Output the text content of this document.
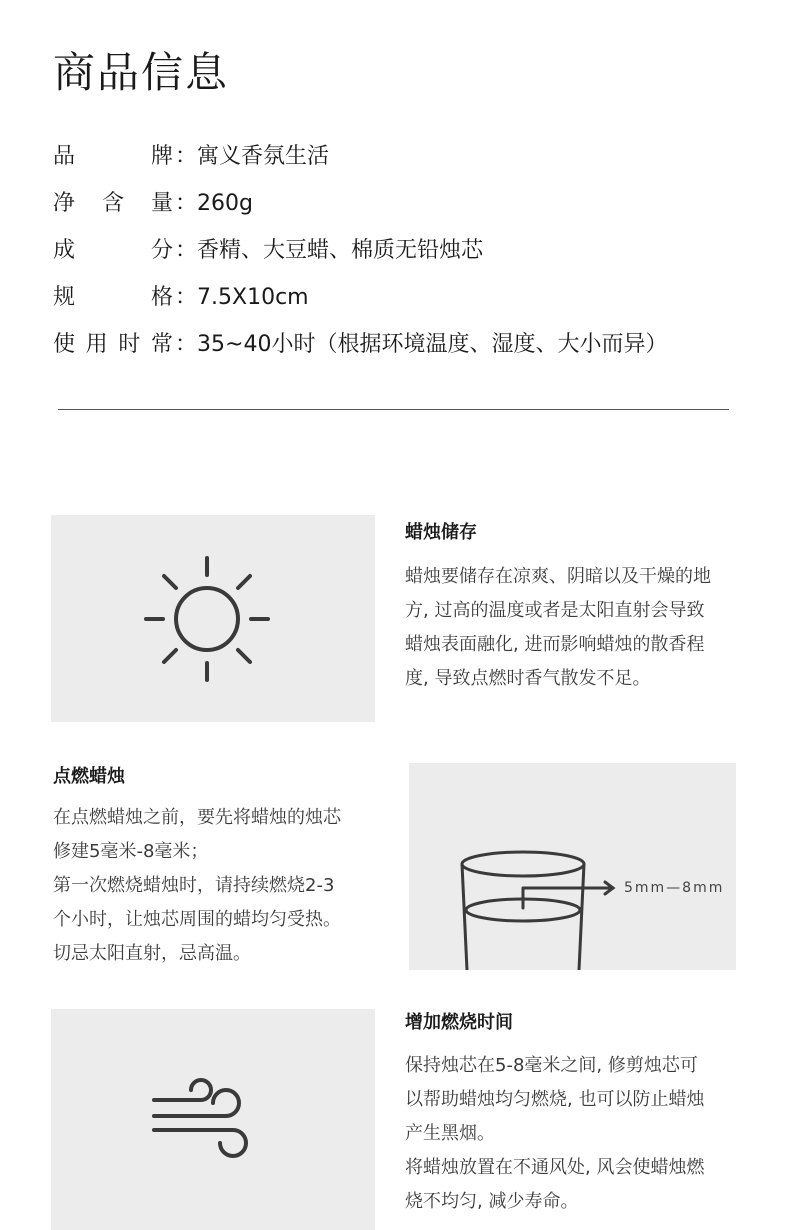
商品信息
品牌：寓义香氛生活
净含量：260g
成分：香精、大豆蜡、棉质无铅烛芯
规格：7.5X10cm
使用时常：35~40小时（根据环境温度、湿度、大小而异）
蜡烛储存

蜡烛要储存在凉爽、阴暗以及干燥的地

方, 过高的温度或者是太阳直射会导致

蜡烛表面融化, 进而影响蜡烛的散香程

度, 导致点燃时香气散发不足。

点燃蜡烛

在点燃蜡烛之前，要先将蜡烛的烛芯

修建5毫米-8毫米；

第一次燃烧蜡烛时，请持续燃烧2-3

个小时，让烛芯周围的蜡均匀受热。

切忌太阳直射，忌高温。

5mm—8mm
增加燃烧时间

保持烛芯在5-8毫米之间, 修剪烛芯可

以帮助蜡烛均匀燃烧, 也可以防止蜡烛

产生黑烟。

将蜡烛放置在不通风处, 风会使蜡烛燃

烧不均匀, 减少寿命。
